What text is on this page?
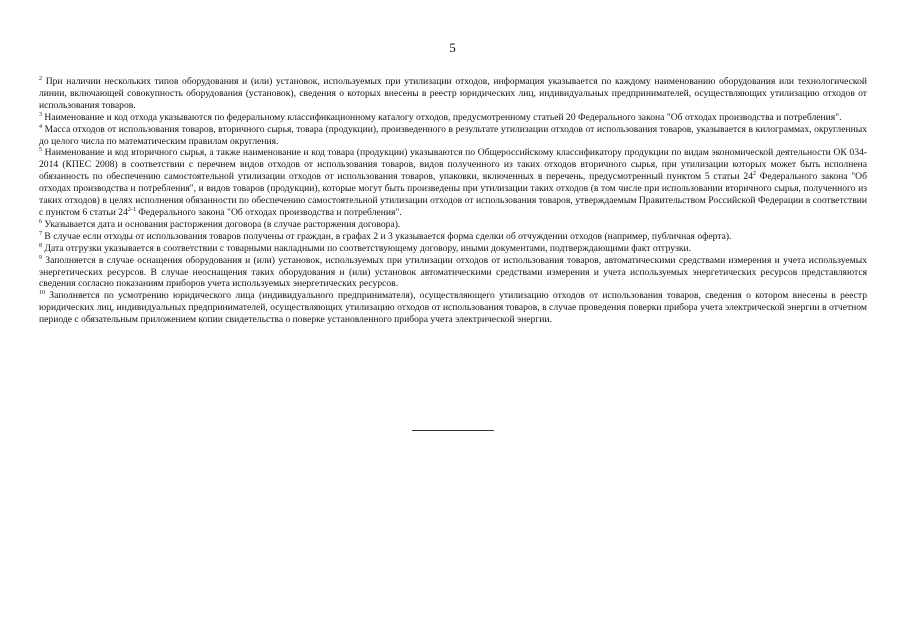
5

$^2$ При наличии нескольких типов оборудования и (или) установок, используемых при утилизации отходов, информация указывается по каждому наименованию оборудования или технологической линии, включающей совокупность оборудования (установок), сведения о которых внесены в реестр юридических лиц, индивидуальных предпринимателей, осуществляющих утилизацию отходов от использования товаров.

$^3$ Наименование и код отхода указываются по федеральному классификационному каталогу отходов, предусмотренному статьей 20 Федерального закона "Об отходах производства и потребления".

$^4$ Масса отходов от использования товаров, вторичного сырья, товара (продукции), произведенного в результате утилизации отходов от использования товаров, указывается в килограммах, округленных до целого числа по математическим правилам округления.

$^5$ Наименование и код вторичного сырья, а также наименование и код товара (продукции) указываются по Общероссийскому классификатору продукции по видам экономической деятельности ОК 034-2014 (КПЕС 2008) в соответствии с перечнем видов отходов от использования товаров, видов полученного из таких отходов вторичного сырья, при утилизации которых может быть исполнена обязанность по обеспечению самостоятельной утилизации отходов от использования товаров, упаковки, включенных в перечень, предусмотренный пунктом 5 статьи $24^2$ Федерального закона "Об отходах производства и потребления", и видов товаров (продукции), которые могут быть произведены при утилизации таких отходов (в том числе при использовании вторичного сырья, полученного из таких отходов) в целях исполнения обязанности по обеспечению самостоятельной утилизации отходов от использования товаров, утверждаемым Правительством Российской Федерации в соответствии с пунктом 6 статьи 24$^{2-1}$ Федерального закона "Об отходах производства и потребления".

$^6$ Указывается дата и основания расторжения договора (в случае расторжения договора).

$^7$ В случае если отходы от использования товаров получены от граждан, в графах 2 и 3 указывается форма сделки об отчуждении отходов (например, публичная оферта).

$^8$ Дата отгрузки указывается в соответствии с товарными накладными по соответствующему договору, иными документами, подтверждающими факт отгрузки.

$^9$ Заполняется в случае оснащения оборудования и (или) установок, используемых при утилизации отходов от использования товаров, автоматическими средствами измерения и учета используемых энергетических ресурсов. В случае неоснащения таких оборудования и (или) установок автоматическими средствами измерения и учета используемых энергетических ресурсов представляются сведения согласно показаниям приборов учета используемых энергетических ресурсов.

$^{10}$ Заполняется по усмотрению юридического лица (индивидуального предпринимателя), осуществляющего утилизацию отходов от использования товаров, сведения о котором внесены в реестр юридических лиц, индивидуальных предпринимателей, осуществляющих утилизацию отходов от использования товаров, в случае проведения поверки прибора учета электрической энергии в отчетном периоде с обязательным приложением копии свидетельства о поверке установленного прибора учета электрической энергии.
